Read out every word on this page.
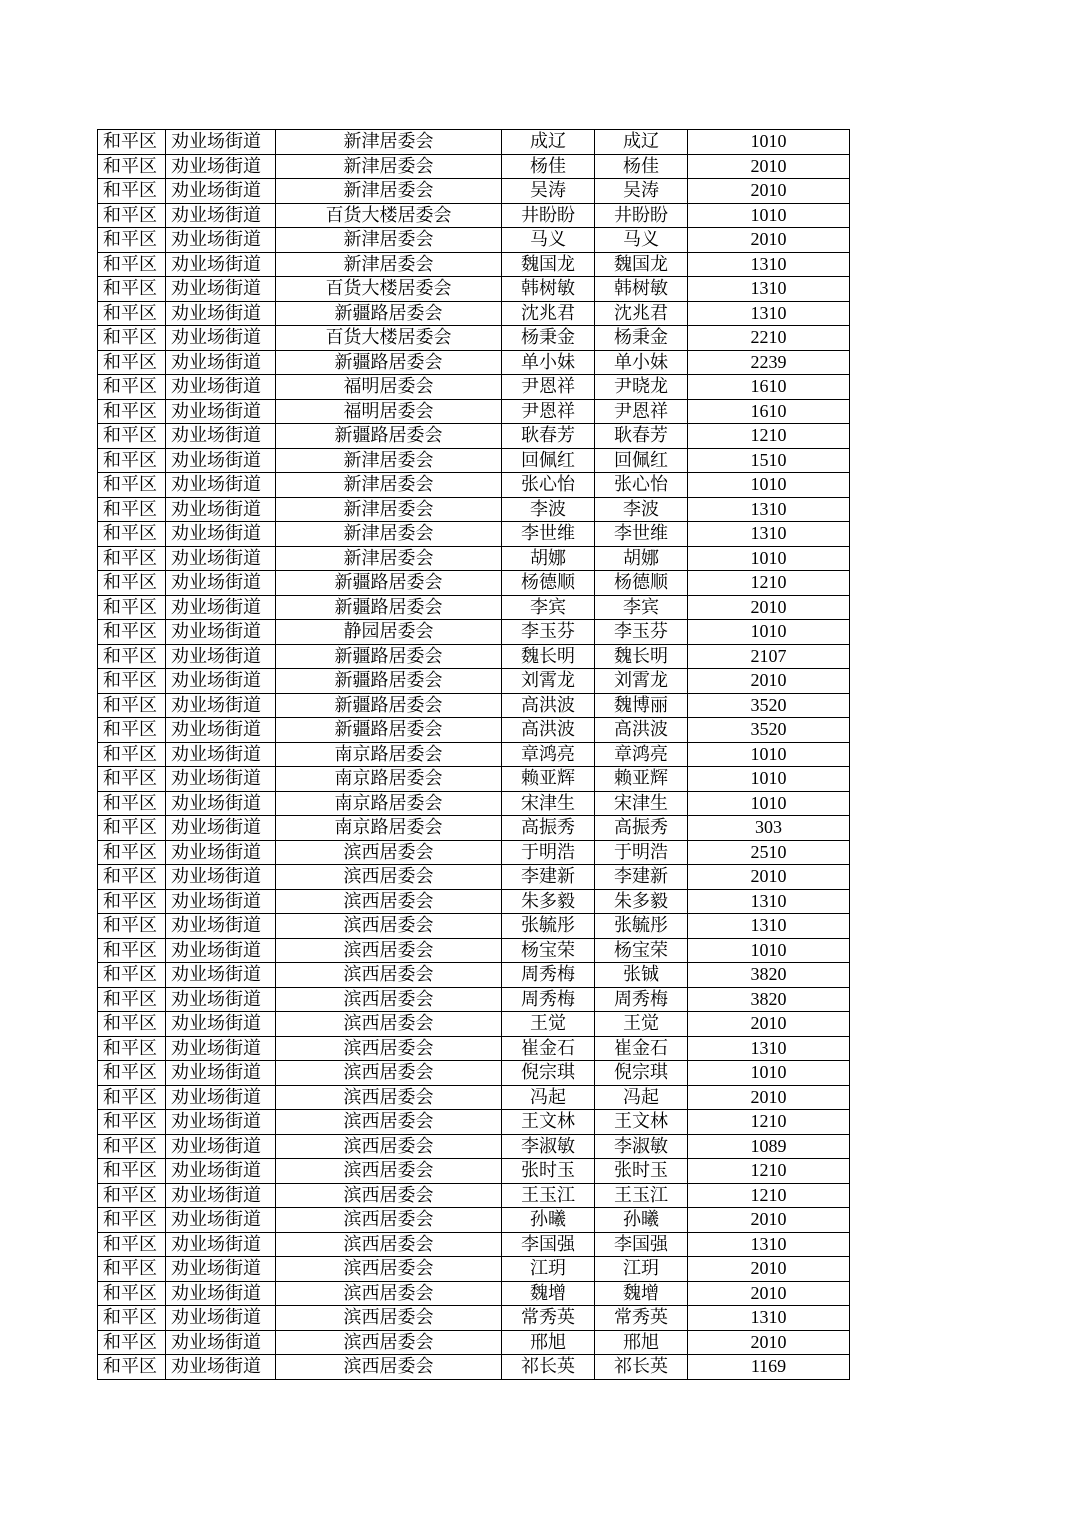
和平区	劝业场街道	新津居委会	成辽	成辽	1010
和平区	劝业场街道	新津居委会	杨佳	杨佳	2010
和平区	劝业场街道	新津居委会	吴涛	吴涛	2010
和平区	劝业场街道	百货大楼居委会	井盼盼	井盼盼	1010
和平区	劝业场街道	新津居委会	马义	马义	2010
和平区	劝业场街道	新津居委会	魏国龙	魏国龙	1310
和平区	劝业场街道	百货大楼居委会	韩树敏	韩树敏	1310
和平区	劝业场街道	新疆路居委会	沈兆君	沈兆君	1310
和平区	劝业场街道	百货大楼居委会	杨秉金	杨秉金	2210
和平区	劝业场街道	新疆路居委会	单小妹	单小妹	2239
和平区	劝业场街道	福明居委会	尹恩祥	尹晓龙	1610
和平区	劝业场街道	福明居委会	尹恩祥	尹恩祥	1610
和平区	劝业场街道	新疆路居委会	耿春芳	耿春芳	1210
和平区	劝业场街道	新津居委会	回佩红	回佩红	1510
和平区	劝业场街道	新津居委会	张心怡	张心怡	1010
和平区	劝业场街道	新津居委会	李波	李波	1310
和平区	劝业场街道	新津居委会	李世维	李世维	1310
和平区	劝业场街道	新津居委会	胡娜	胡娜	1010
和平区	劝业场街道	新疆路居委会	杨德顺	杨德顺	1210
和平区	劝业场街道	新疆路居委会	李宾	李宾	2010
和平区	劝业场街道	静园居委会	李玉芬	李玉芬	1010
和平区	劝业场街道	新疆路居委会	魏长明	魏长明	2107
和平区	劝业场街道	新疆路居委会	刘霄龙	刘霄龙	2010
和平区	劝业场街道	新疆路居委会	高洪波	魏博丽	3520
和平区	劝业场街道	新疆路居委会	高洪波	高洪波	3520
和平区	劝业场街道	南京路居委会	章鸿亮	章鸿亮	1010
和平区	劝业场街道	南京路居委会	赖亚辉	赖亚辉	1010
和平区	劝业场街道	南京路居委会	宋津生	宋津生	1010
和平区	劝业场街道	南京路居委会	高振秀	高振秀	303
和平区	劝业场街道	滨西居委会	于明浩	于明浩	2510
和平区	劝业场街道	滨西居委会	李建新	李建新	2010
和平区	劝业场街道	滨西居委会	朱多毅	朱多毅	1310
和平区	劝业场街道	滨西居委会	张毓彤	张毓彤	1310
和平区	劝业场街道	滨西居委会	杨宝荣	杨宝荣	1010
和平区	劝业场街道	滨西居委会	周秀梅	张铖	3820
和平区	劝业场街道	滨西居委会	周秀梅	周秀梅	3820
和平区	劝业场街道	滨西居委会	王觉	王觉	2010
和平区	劝业场街道	滨西居委会	崔金石	崔金石	1310
和平区	劝业场街道	滨西居委会	倪宗琪	倪宗琪	1010
和平区	劝业场街道	滨西居委会	冯起	冯起	2010
和平区	劝业场街道	滨西居委会	王文林	王文林	1210
和平区	劝业场街道	滨西居委会	李淑敏	李淑敏	1089
和平区	劝业场街道	滨西居委会	张时玉	张时玉	1210
和平区	劝业场街道	滨西居委会	王玉江	王玉江	1210
和平区	劝业场街道	滨西居委会	孙曦	孙曦	2010
和平区	劝业场街道	滨西居委会	李国强	李国强	1310
和平区	劝业场街道	滨西居委会	江玥	江玥	2010
和平区	劝业场街道	滨西居委会	魏增	魏增	2010
和平区	劝业场街道	滨西居委会	常秀英	常秀英	1310
和平区	劝业场街道	滨西居委会	邢旭	邢旭	2010
和平区	劝业场街道	滨西居委会	祁长英	祁长英	1169
